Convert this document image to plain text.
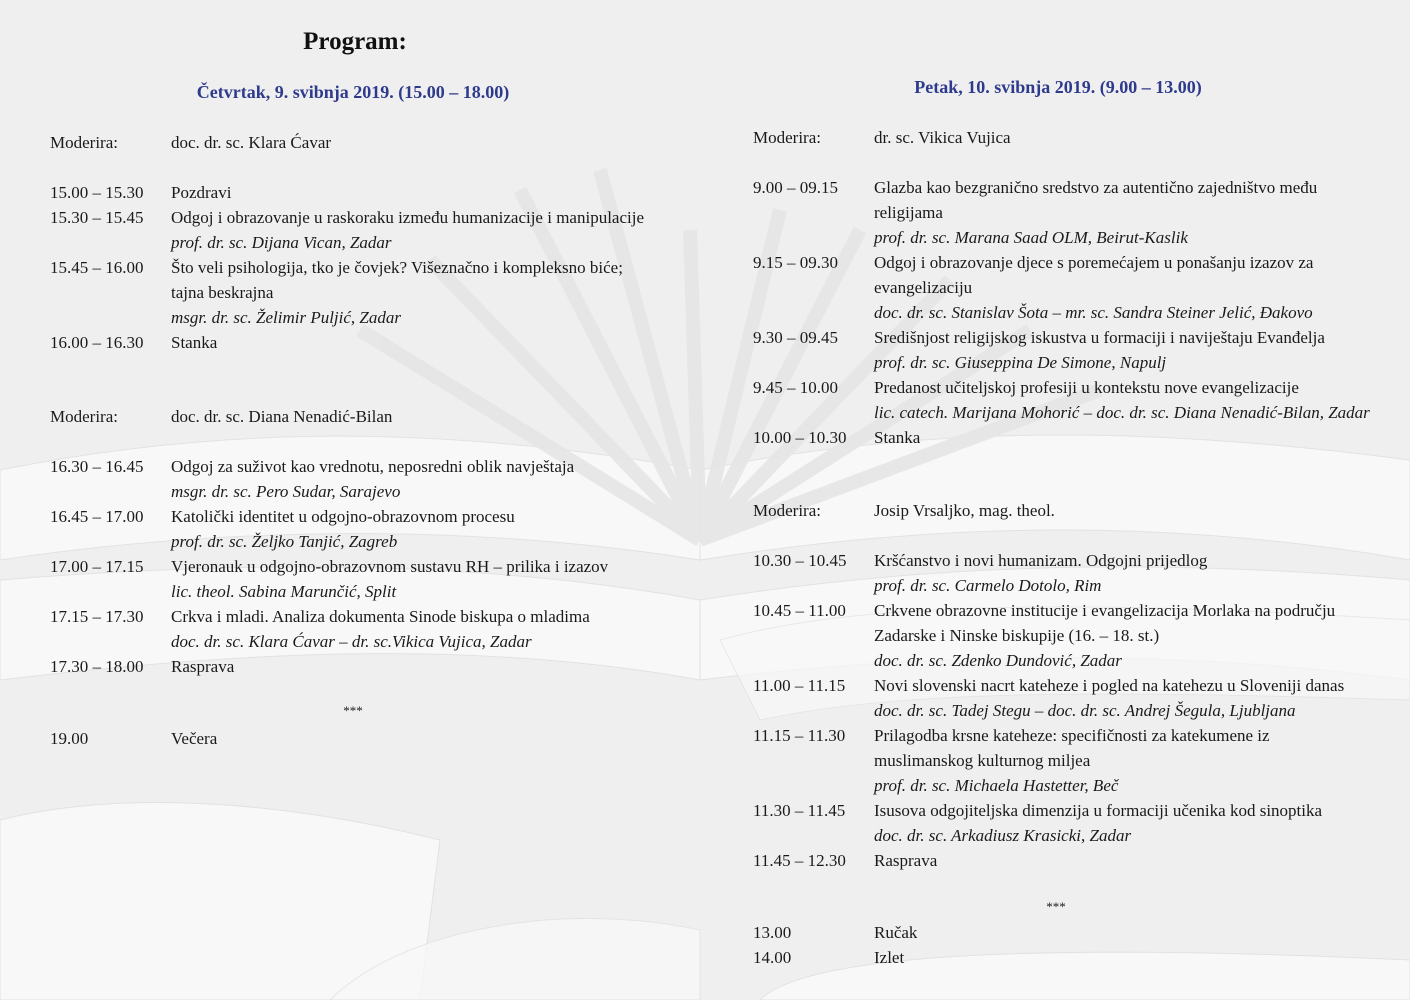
Program:
Četvrtak, 9. svibnja 2019. (15.00 – 18.00)
Moderira:	doc. dr. sc. Klara Ćavar
15.00 – 15.30	Pozdravi
15.30 – 15.45	Odgoj i obrazovanje u raskoraku između humanizacije i manipulacije
prof. dr. sc. Dijana Vican, Zadar
15.45 – 16.00	Što veli psihologija, tko je čovjek? Višeznačno i kompleksno biće;
tajna beskrajna
msgr. dr. sc. Želimir Puljić, Zadar
16.00 – 16.30	Stanka
Moderira:	doc. dr. sc. Diana Nenadić-Bilan
16.30 – 16.45	Odgoj za suživot kao vrednotu, neposredni oblik navještaja
msgr. dr. sc. Pero Sudar, Sarajevo
16.45 – 17.00	Katolički identitet u odgojno-obrazovnom procesu
prof. dr. sc. Željko Tanjić, Zagreb
17.00 – 17.15	Vjeronauk u odgojno-obrazovnom sustavu RH – prilika i izazov
lic. theol. Sabina Marunčić, Split
17.15 – 17.30	Crkva i mladi. Analiza dokumenta Sinode biskupa o mladima
doc. dr. sc. Klara Ćavar – dr. sc.Vikica Vujica, Zadar
17.30 – 18.00	Rasprava
***
19.00	Večera
Petak, 10. svibnja 2019. (9.00 – 13.00)
Moderira:	dr. sc. Vikica Vujica
9.00 – 09.15	Glazba kao bezgranično sredstvo za autentično zajedništvo među
religijama
prof. dr. sc. Marana Saad OLM, Beirut-Kaslik
9.15 – 09.30	Odgoj i obrazovanje djece s poremećajem u ponašanju izazov za
evangelizaciju
doc. dr. sc. Stanislav Šota – mr. sc. Sandra Steiner Jelić, Đakovo
9.30 – 09.45	Središnjost religijskog iskustva u formaciji i naviještaju Evanđelja
prof. dr. sc. Giuseppina De Simone, Napulj
9.45 – 10.00	Predanost učiteljskoj profesiji u kontekstu nove evangelizacije
lic. catech. Marijana Mohorić – doc. dr. sc. Diana Nenadić-Bilan, Zadar
10.00 – 10.30	Stanka
Moderira:	Josip Vrsaljko, mag. theol.
10.30 – 10.45	Kršćanstvo i novi humanizam. Odgojni prijedlog
prof. dr. sc. Carmelo Dotolo, Rim
10.45 – 11.00	Crkvene obrazovne institucije i evangelizacija Morlaka na području
Zadarske i Ninske biskupije (16. – 18. st.)
doc. dr. sc. Zdenko Dundović, Zadar
11.00 – 11.15	Novi slovenski nacrt kateheze i pogled na katehezu u Sloveniji danas
doc. dr. sc. Tadej Stegu – doc. dr. sc. Andrej Šegula, Ljubljana
11.15 – 11.30	Prilagodba krsne kateheze: specifičnosti za katekumene iz
muslimanskog kulturnog miljea
prof. dr. sc. Michaela Hastetter, Beč
11.30 – 11.45	Isusova odgojiteljska dimenzija u formaciji učenika kod sinoptika
doc. dr. sc. Arkadiusz Krasicki, Zadar
11.45 – 12.30	Rasprava
***
13.00	Ručak
14.00	Izlet
